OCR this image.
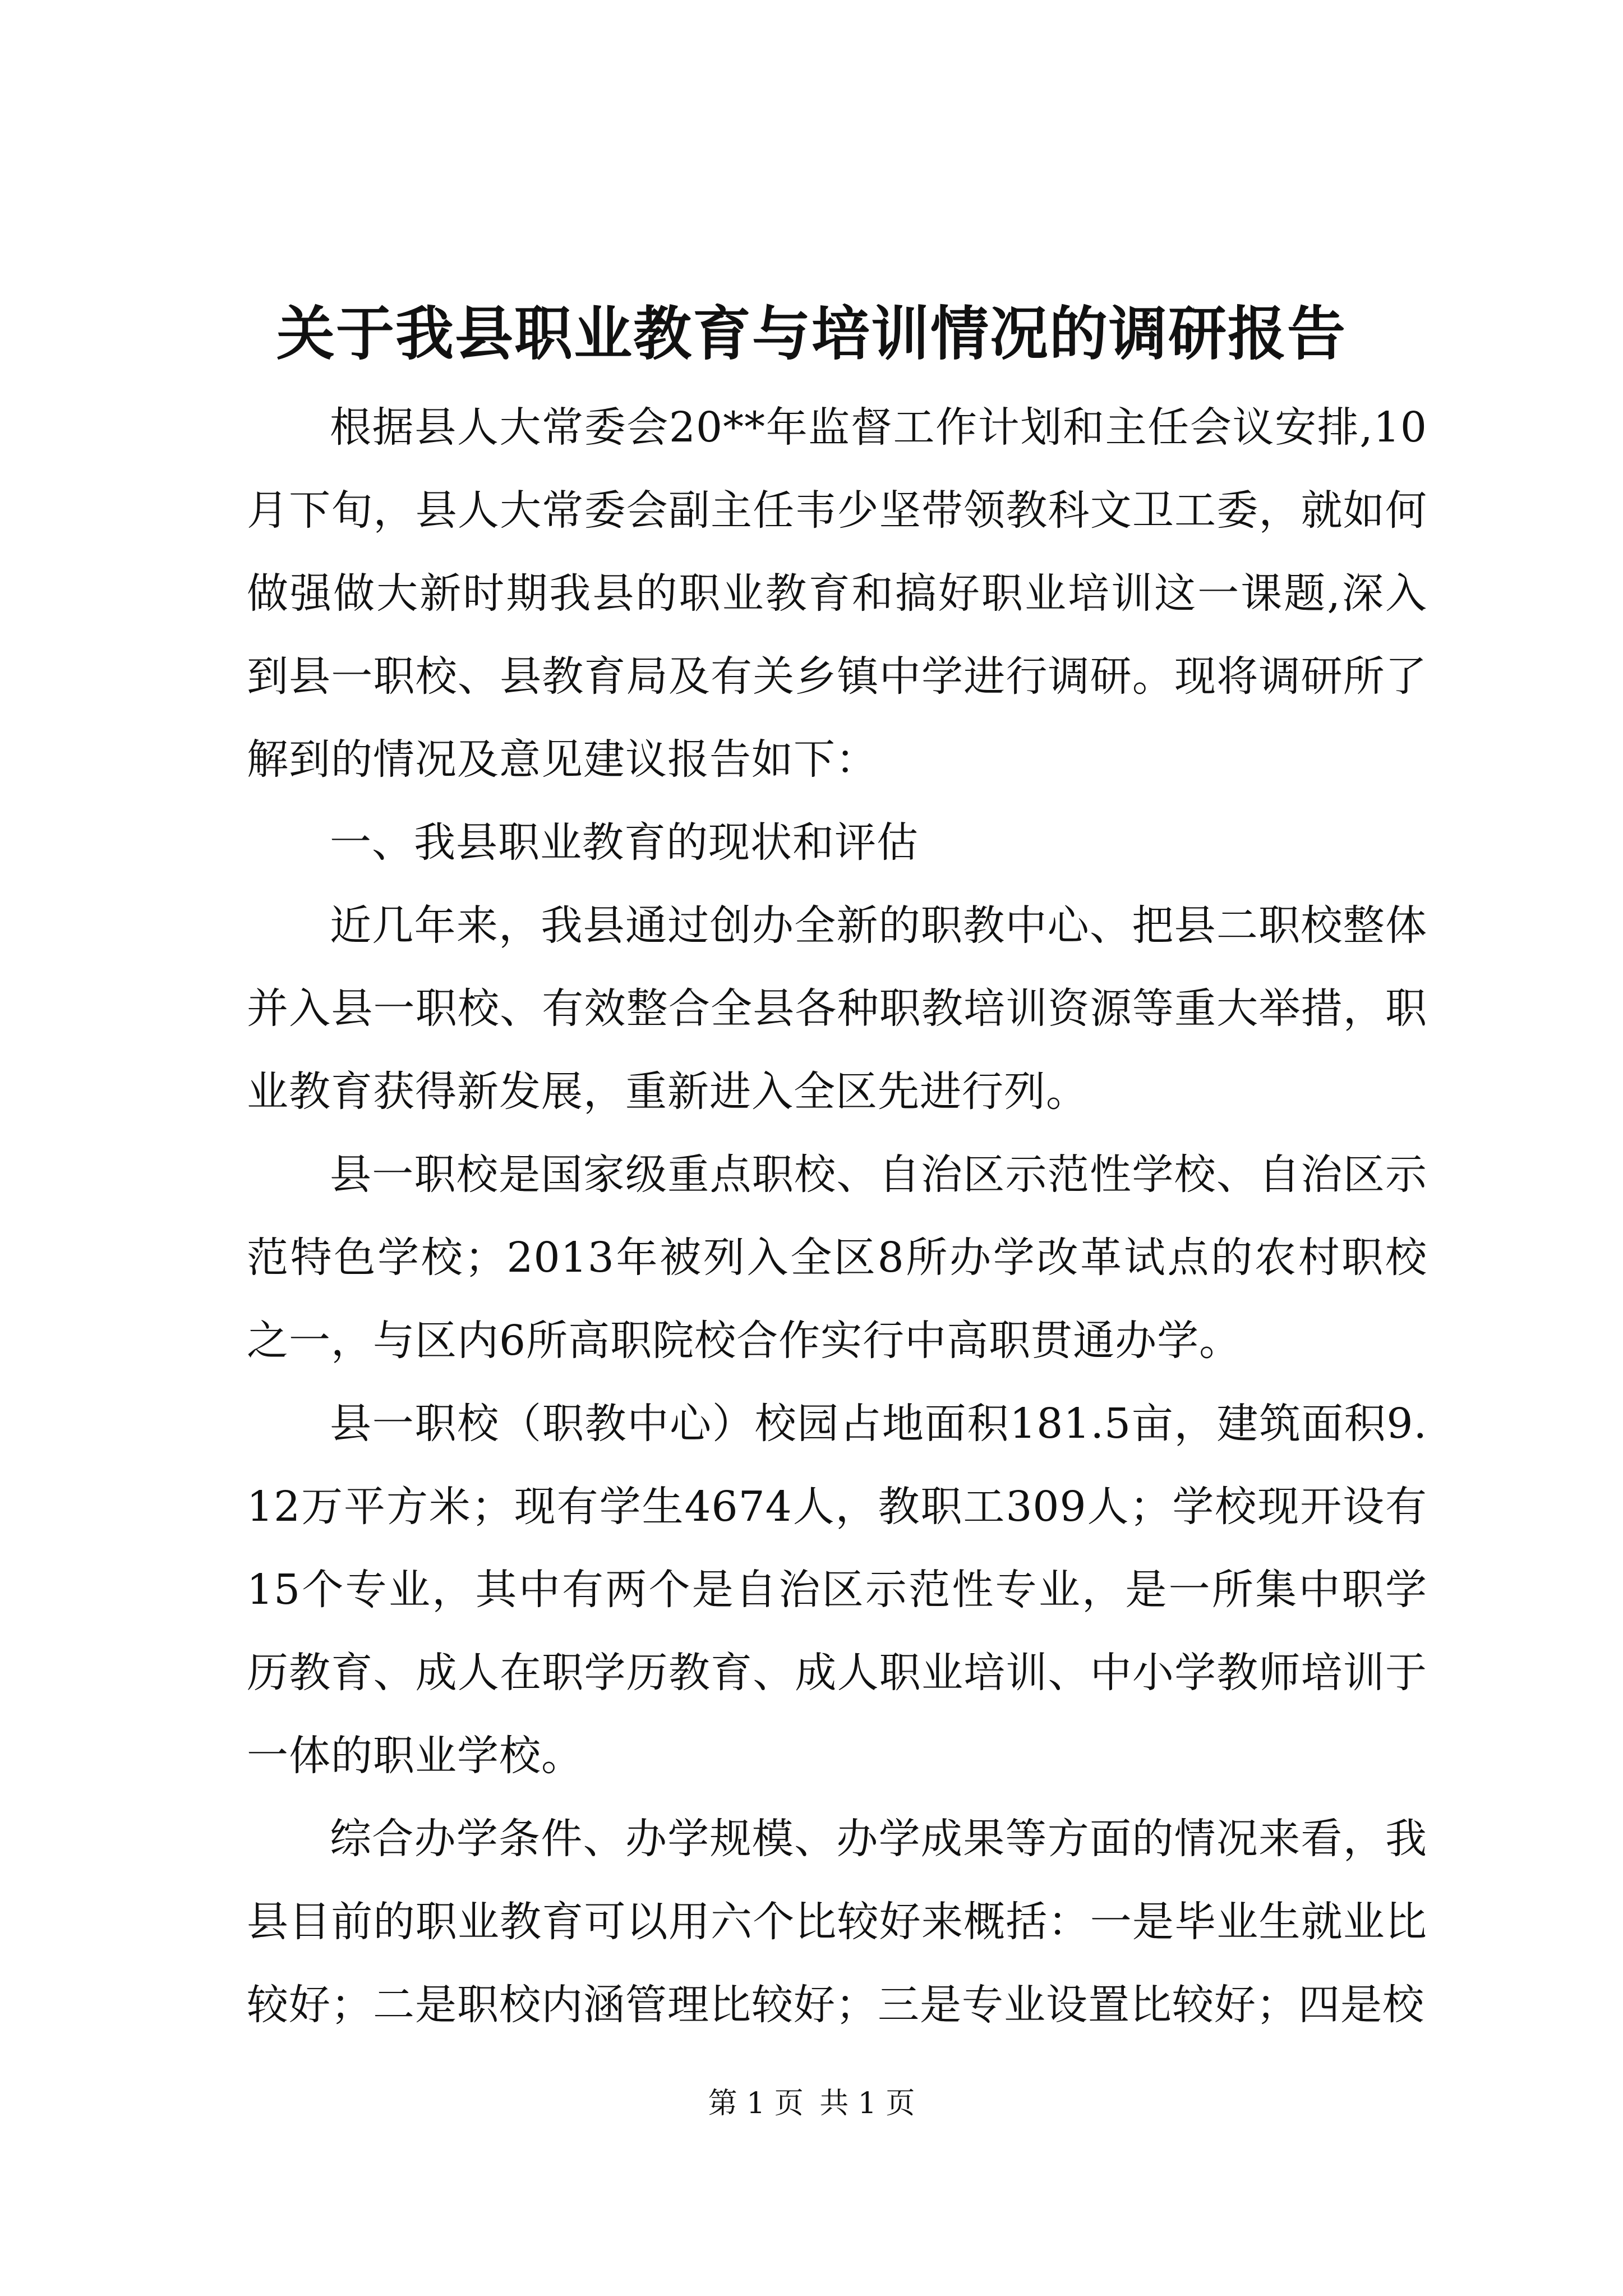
关于我县职业教育与培训情况的调研报告

根据县人大常委会20**年监督工作计划和主任会议安排,10月下旬，县人大常委会副主任韦少坚带领教科文卫工委，就如何做强做大新时期我县的职业教育和搞好职业培训这一课题,深入到县一职校、县教育局及有关乡镇中学进行调研。现将调研所了解到的情况及意见建议报告如下：

一、我县职业教育的现状和评估

近几年来，我县通过创办全新的职教中心、把县二职校整体并入县一职校、有效整合全县各种职教培训资源等重大举措，职业教育获得新发展，重新进入全区先进行列。

县一职校是国家级重点职校、自治区示范性学校、自治区示范特色学校；2013年被列入全区8所办学改革试点的农村职校之一，与区内6所高职院校合作实行中高职贯通办学。

县一职校（职教中心）校园占地面积181.5亩，建筑面积9.12万平方米；现有学生4674人，教职工309人；学校现开设有15个专业，其中有两个是自治区示范性专业，是一所集中职学历教育、成人在职学历教育、成人职业培训、中小学教师培训于一体的职业学校。

综合办学条件、办学规模、办学成果等方面的情况来看，我县目前的职业教育可以用六个比较好来概括：一是毕业生就业比较好；二是职校内涵管理比较好；三是专业设置比较好；四是校

第 1 页 共 1 页
